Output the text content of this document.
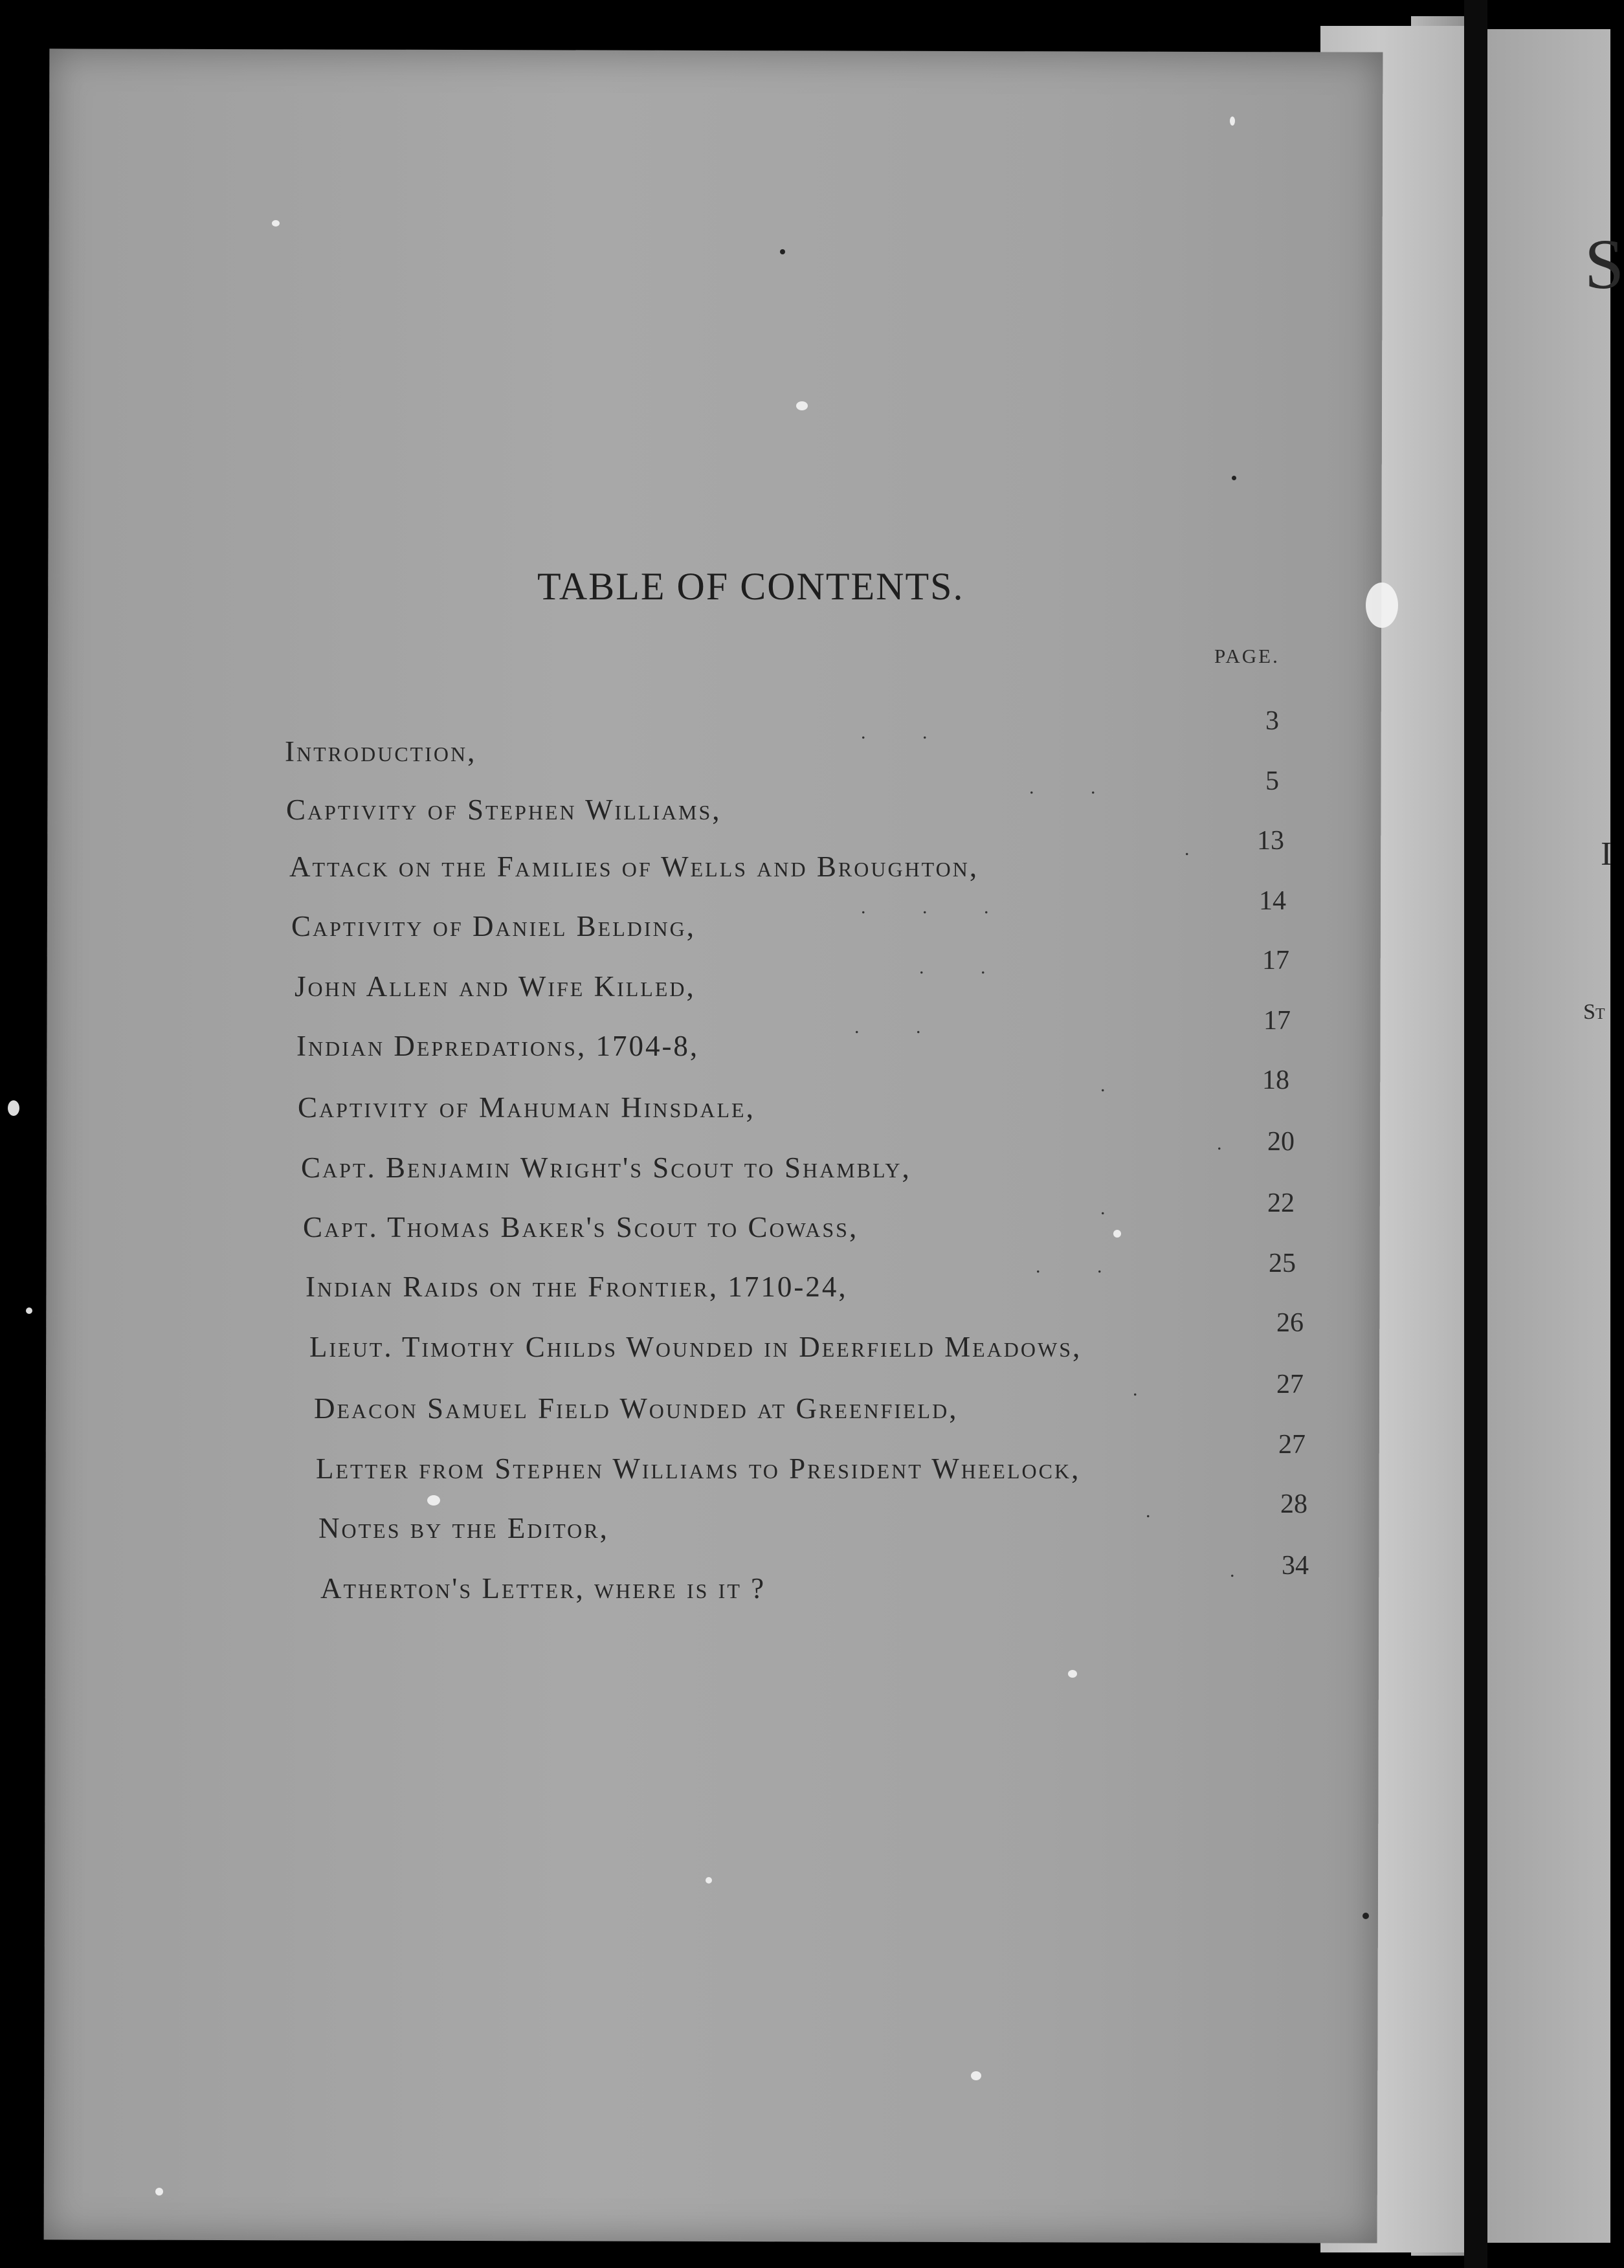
S
I
St
TABLE OF CONTENTS.
PAGE.
Introduction,
3
Captivity of Stephen Williams,
5
Attack on the Families of Wells and Broughton,
13
Captivity of Daniel Belding,
14
John Allen and Wife Killed,
17
Indian Depredations, 1704-8,
17
Captivity of Mahuman Hinsdale,
18
Capt. Benjamin Wright's Scout to Shambly,
20
Capt. Thomas Baker's Scout to Cowass,
22
Indian Raids on the Frontier, 1710-24,
25
Lieut. Timothy Childs Wounded in Deerfield Meadows,
26
Deacon Samuel Field Wounded at Greenfield,
27
Letter from Stephen Williams to President Wheelock,
27
Notes by the Editor,
28
Atherton's Letter, where is it ?
34
. .
. .
.
. . .
. .
. .
.
.
.
. .
.
.
.
